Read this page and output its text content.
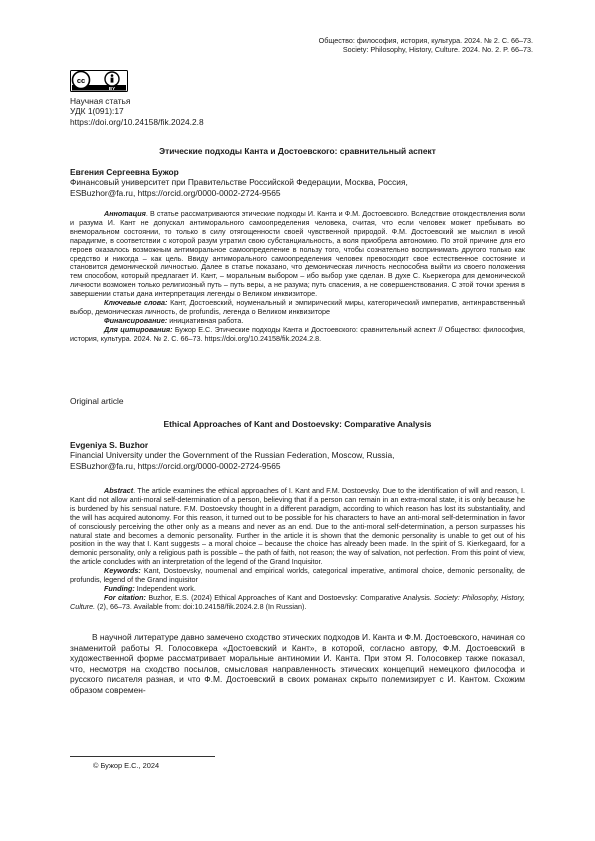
Общество: философия, история, культура. 2024. № 2. С. 66–73.
Society: Philosophy, History, Culture. 2024. No. 2. P. 66–73.
cc
BY
Научная статья
УДК 1(091):17
https://doi.org/10.24158/fik.2024.2.8
Этические подходы Канта и Достоевского: сравнительный аспект
Евгения Сергеевна Бужор
Финансовый университет при Правительстве Российской Федерации, Москва, Россия,
ESBuzhor@fa.ru, https://orcid.org/0000-0002-2724-9565

Аннотация. В статье рассматриваются этические подходы И. Канта и Ф.М. Достоевского. Вследствие отождествления воли и разума И. Кант не допускал антиморального самоопределения человека, считая, что если человек может пребывать во внеморальном состоянии, то только в силу отягощенности своей чувственной природой. Ф.М. Достоевский же мыслил в иной парадигме, в соответствии с которой разум утратил свою субстанциальность, а воля приобрела автономию. По этой причине для его героев оказалось возможным антиморальное самоопределение в пользу того, чтобы сознательно воспринимать другого только как средство и никогда – как цель. Ввиду антиморального самоопределения человек превосходит свое естественное состояние и становится демонической личностью. Далее в статье показано, что демоническая личность неспособна выйти из своего положения тем способом, который предлагает И. Кант, – моральным выбором – ибо выбор уже сделан. В духе С. Кьеркегора для демонической личности возможен только религиозный путь – путь веры, а не разума; путь спасения, а не совершенствования. С этой точки зрения в завершении статьи дана интерпретация легенды о Великом инквизиторе.

Ключевые слова: Кант, Достоевский, ноуменальный и эмпирический миры, категорический императив, антинравственный выбор, демоническая личность, de profundis, легенда о Великом инквизиторе

Финансирование: инициативная работа.

Для цитирования: Бужор Е.С. Этические подходы Канта и Достоевского: сравнительный аспект // Общество: философия, история, культура. 2024. № 2. С. 66–73. https://doi.org/10.24158/fik.2024.2.8.

Original article
Ethical Approaches of Kant and Dostoevsky: Comparative Analysis
Evgeniya S. Buzhor
Financial University under the Government of the Russian Federation, Moscow, Russia,
ESBuzhor@fa.ru, https://orcid.org/0000-0002-2724-9565

Abstract. The article examines the ethical approaches of I. Kant and F.M. Dostoevsky. Due to the identification of will and reason, I. Kant did not allow anti-moral self-determination of a person, believing that if a person can remain in an extra-moral state, it is only because he is burdened by his sensual nature. F.M. Dostoevsky thought in a different paradigm, according to which reason has lost its substantiality, and the will has acquired autonomy. For this reason, it turned out to be possible for his characters to have an anti-moral self-determination in favor of consciously perceiving the other only as a means and never as an end. Due to the anti-moral self-determination, a person surpasses his natural state and becomes a demonic personality. Further in the article it is shown that the demonic personality is unable to get out of his position in the way that I. Kant suggests – a moral choice – because the choice has already been made. In the spirit of S. Kierkegaard, for a demonic personality, only a religious path is possible – the path of faith, not reason; the way of salvation, not perfection. From this point of view, the article concludes with an interpretation of the legend of the Grand Inquisitor.

Keywords: Kant, Dostoevsky, noumenal and empirical worlds, categorical imperative, antimoral choice, demonic personality, de profundis, legend of the Grand inquisitor

Funding: Independent work.

For citation: Buzhor, E.S. (2024) Ethical Approaches of Kant and Dostoevsky: Comparative Analysis. Society: Philosophy, History, Culture. (2), 66–73. Available from: doi:10.24158/fik.2024.2.8 (In Russian).

В научной литературе давно замечено сходство этических подходов И. Канта и Ф.М. Достоевского, начиная со знаменитой работы Я. Голосовкера «Достоевский и Кант», в которой, согласно автору, Ф.М. Достоевский в художественной форме рассматривает моральные антиномии И. Канта. При этом Я. Голосовкер также показал, что, несмотря на сходство посылов, смысловая направленность этических концепций немецкого философа и русского писателя разная, и что Ф.М. Достоевский в своих романах скрыто полемизирует с И. Кантом. Схожим образом современ-

© Бужор Е.С., 2024
